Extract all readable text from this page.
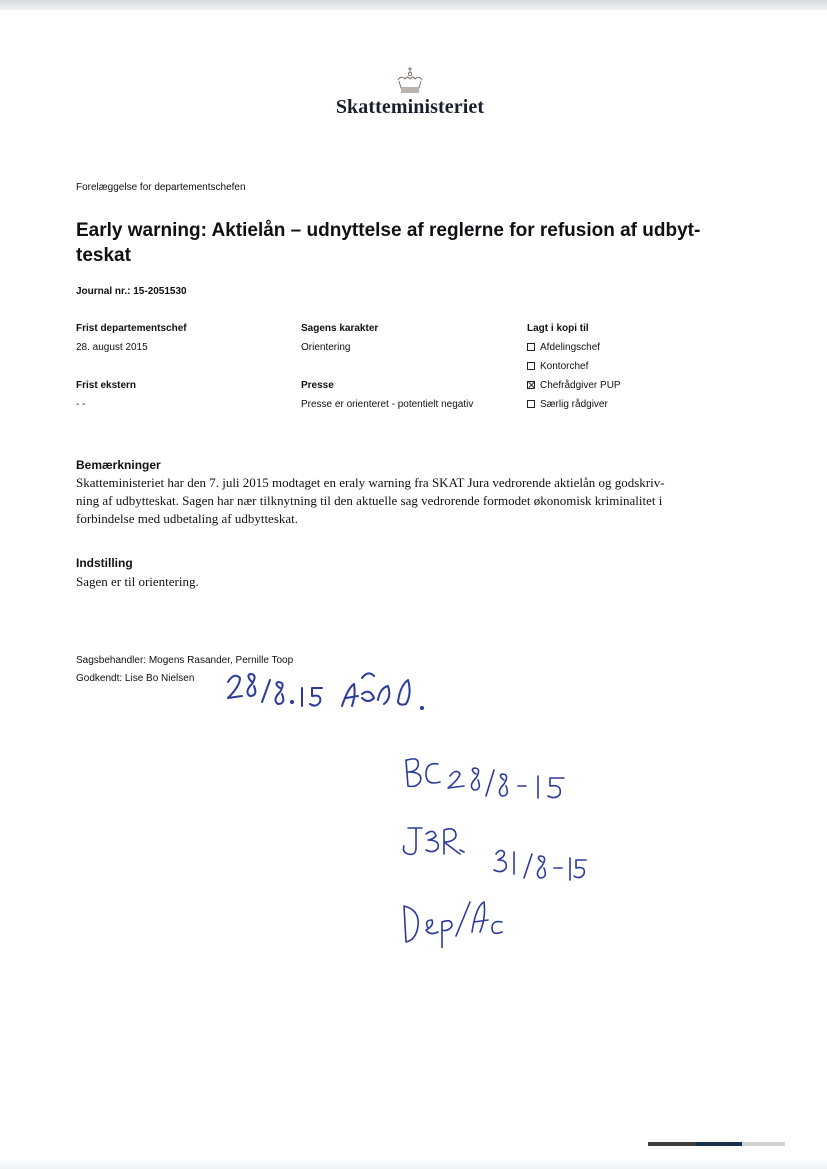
Skatteministeriet
Forelæggelse for departementschefen
Early warning: Aktielån – udnyttelse af reglerne for refusion af udbyt-
teskat
Journal nr.: 15-2051530
Frist departementschef
28. august 2015
Frist ekstern
- -
Sagens karakter
Orientering
Presse
Presse er orienteret - potentielt negativ
Lagt i kopi til
Afdelingschef
Kontorchef
Chefrådgiver PUP
Særlig rådgiver
Bemærkninger
Skatteministeriet har den 7. juli 2015 modtaget en eraly warning fra SKAT Jura vedrorende aktielån og godskriv-
ning af udbytteskat. Sagen har nær tilknytning til den aktuelle sag vedrorende formodet økonomisk kriminalitet i
forbindelse med udbetaling af udbytteskat.
Indstilling
Sagen er til orientering.
Sagsbehandler: Mogens Rasander, Pernille Toop
Godkendt: Lise Bo Nielsen
